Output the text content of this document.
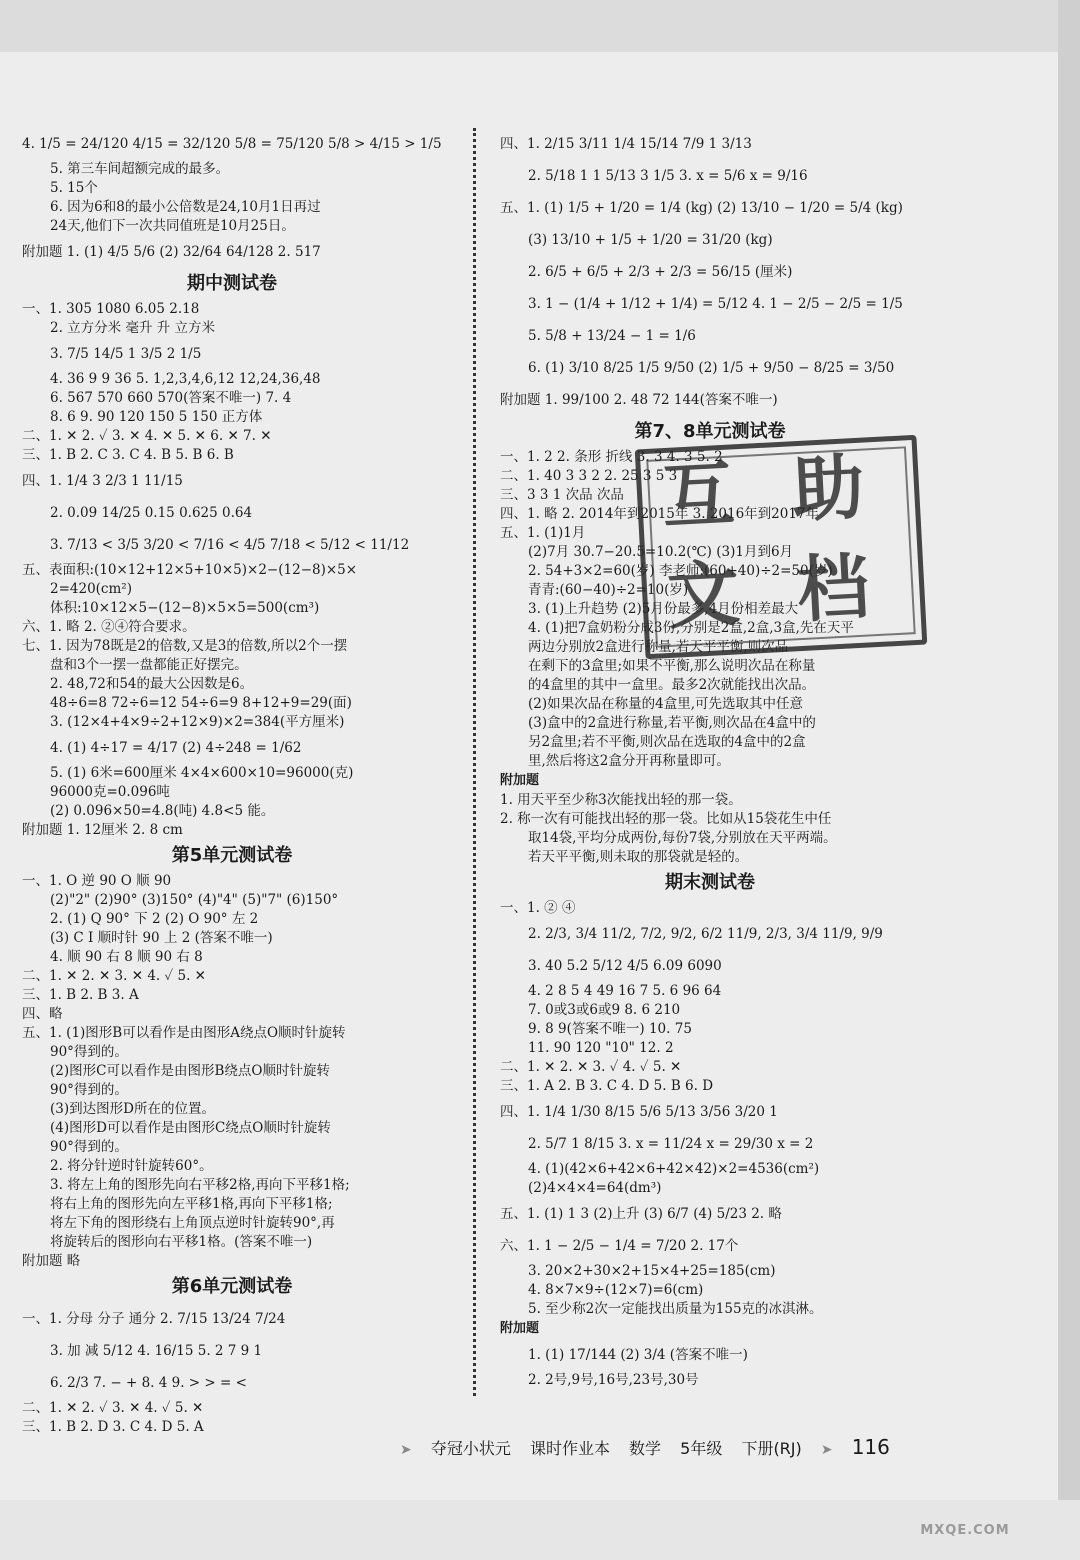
4. 1/5 = 24/120 4/15 = 32/120 5/8 = 75/120 5/8 > 4/15 > 1/5
5. 第三车间超额完成的最多。
5. 15个
6. 因为6和8的最小公倍数是24,10月1日再过
24天,他们下一次共同值班是10月25日。
附加题 1. (1) 4/5 5/6 (2) 32/64 64/128 2. 517
期中测试卷
一、1. 305 1080 6.05 2.18
2. 立方分米 毫升 升 立方米
3. 7/5 14/5 1 3/5 2 1/5
4. 36 9 9 36 5. 1,2,3,4,6,12 12,24,36,48
6. 567 570 660 570(答案不唯一) 7. 4
8. 6 9. 90 120 150 5 150 正方体
二、1. ✕ 2. ✓ 3. ✕ 4. ✕ 5. ✕ 6. ✕ 7. ✕
三、1. B 2. C 3. C 4. B 5. B 6. B
四、1. 1/4 3 2/3 1 11/15
2. 0.09 14/25 0.15 0.625 0.64
3. 7/13 < 3/5 3/20 < 7/16 < 4/5 7/18 < 5/12 < 11/12
五、表面积:(10×12+12×5+10×5)×2−(12−8)×5×
2=420(cm²)
体积:10×12×5−(12−8)×5×5=500(cm³)
六、1. 略 2. ②④符合要求。
七、1. 因为78既是2的倍数,又是3的倍数,所以2个一摆
盘和3个一摆一盘都能正好摆完。
2. 48,72和54的最大公因数是6。
48÷6=8 72÷6=12 54÷6=9 8+12+9=29(面)
3. (12×4+4×9÷2+12×9)×2=384(平方厘米)
4. (1) 4÷17 = 4/17 (2) 4÷248 = 1/62
5. (1) 6米=600厘米 4×4×600×10=96000(克)
96000克=0.096吨
(2) 0.096×50=4.8(吨) 4.8<5 能。
附加题 1. 12厘米 2. 8 cm
第5单元测试卷
一、1. O 逆 90 O 顺 90
(2)"2" (2)90° (3)150° (4)"4" (5)"7" (6)150°
2. (1) Q 90° 下 2 (2) O 90° 左 2
(3) C I 顺时针 90 上 2 (答案不唯一)
4. 顺 90 右 8 顺 90 右 8
二、1. ✕ 2. ✕ 3. ✕ 4. ✓ 5. ✕
三、1. B 2. B 3. A
四、略
五、1. (1)图形B可以看作是由图形A绕点O顺时针旋转
90°得到的。
(2)图形C可以看作是由图形B绕点O顺时针旋转
90°得到的。
(3)到达图形D所在的位置。
(4)图形D可以看作是由图形C绕点O顺时针旋转
90°得到的。
2. 将分针逆时针旋转60°。
3. 将左上角的图形先向右平移2格,再向下平移1格;
将右上角的图形先向左平移1格,再向下平移1格;
将左下角的图形绕右上角顶点逆时针旋转90°,再
将旋转后的图形向右平移1格。(答案不唯一)
附加题 略
第6单元测试卷
一、1. 分母 分子 通分 2. 7/15 13/24 7/24
3. 加 减 5/12 4. 16/15 5. 2 7 9 1
6. 2/3 7. − + 8. 4 9. > > = <
二、1. ✕ 2. ✓ 3. ✕ 4. ✓ 5. ✕
三、1. B 2. D 3. C 4. D 5. A
四、1. 2/15 3/11 1/4 15/14 7/9 1 3/13
2. 5/18 1 1 5/13 3 1/5 3. x = 5/6 x = 9/16
五、1. (1) 1/5 + 1/20 = 1/4 (kg) (2) 13/10 − 1/20 = 5/4 (kg)
(3) 13/10 + 1/5 + 1/20 = 31/20 (kg)
2. 6/5 + 6/5 + 2/3 + 2/3 = 56/15 (厘米)
3. 1 − (1/4 + 1/12 + 1/4) = 5/12 4. 1 − 2/5 − 2/5 = 1/5
5. 5/8 + 13/24 − 1 = 1/6
6. (1) 3/10 8/25 1/5 9/50 (2) 1/5 + 9/50 − 8/25 = 3/50
附加题 1. 99/100 2. 48 72 144(答案不唯一)
第7、8单元测试卷
一、1. 2 2. 条形 折线 3. 3 4. 3 5. 2
二、1. 40 3 3 2 2. 25 3 5 3
三、3 3 1 次品 次品
四、1. 略 2. 2014年到2015年 3. 2016年到2017年
五、1. (1)1月
(2)7月 30.7−20.5=10.2(℃) (3)1月到6月
2. 54+3×2=60(岁) 李老师:(60+40)÷2=50(岁)
青青:(60−40)÷2=10(岁)
3. (1)上升趋势 (2)5月份最多,4月份相差最大
4. (1)把7盒奶粉分成3份,分别是2盒,2盒,3盒,先在天平
两边分别放2盒进行称量,若天平平衡,则次品
在剩下的3盒里;如果不平衡,那么说明次品在称量
的4盒里的其中一盒里。最多2次就能找出次品。
(2)如果次品在称量的4盒里,可先选取其中任意
(3)盒中的2盒进行称量,若平衡,则次品在4盒中的
另2盒里;若不平衡,则次品在选取的4盒中的2盒
里,然后将这2盒分开再称量即可。
附加题
1. 用天平至少称3次能找出轻的那一袋。
2. 称一次有可能找出轻的那一袋。比如从15袋花生中任
取14袋,平均分成两份,每份7袋,分别放在天平两端。
若天平平衡,则未取的那袋就是轻的。
期末测试卷
一、1. ② ④
2. 2/3, 3/4 11/2, 7/2, 9/2, 6/2 11/9, 2/3, 3/4 11/9, 9/9
3. 40 5.2 5/12 4/5 6.09 6090
4. 2 8 5 4 49 16 7 5. 6 96 64
7. 0或3或6或9 8. 6 210
9. 8 9(答案不唯一) 10. 75
11. 90 120 "10" 12. 2
二、1. ✕ 2. ✕ 3. ✓ 4. ✓ 5. ✕
三、1. A 2. B 3. C 4. D 5. B 6. D
四、1. 1/4 1/30 8/15 5/6 5/13 3/56 3/20 1
2. 5/7 1 8/15 3. x = 11/24 x = 29/30 x = 2
4. (1)(42×6+42×6+42×42)×2=4536(cm²)
(2)4×4×4=64(dm³)
五、1. (1) 1 3 (2)上升 (3) 6/7 (4) 5/23 2. 略
六、1. 1 − 2/5 − 1/4 = 7/20 2. 17个
3. 20×2+30×2+15×4+25=185(cm)
4. 8×7×9÷(12×7)=6(cm)
5. 至少称2次一定能找出质量为155克的冰淇淋。
附加题
1. (1) 17/144 (2) 3/4 (答案不唯一)
2. 2号,9号,16号,23号,30号
互 助
文 档
➤ 夺冠小状元 课时作业本 数学 5年级 下册(RJ) ➤ 116
MXQE.COM
